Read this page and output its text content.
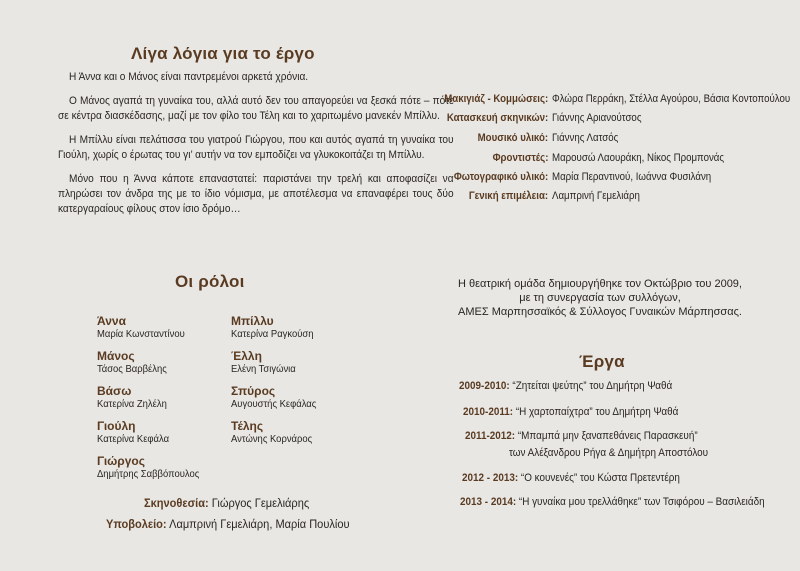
Λίγα λόγια για το έργο

Η Άννα και ο Μάνος είναι παντρεμένοι αρκετά χρόνια.

Ο Μάνος αγαπά τη γυναίκα του, αλλά αυτό δεν του απαγορεύει να ξεσκά πότε – πότε σε κέντρα διασκέδασης, μαζί με τον φίλο του Τέλη και το χαριτωμένο μανεκέν Μπίλλυ.

Η Μπίλλυ είναι πελάτισσα του γιατρού Γιώργου, που και αυτός αγαπά τη γυναίκα του Γιούλη, χωρίς ο έρωτας του γι’ αυτήν να τον εμποδίζει να γλυκοκοιτάζει τη Μπίλλυ.

Μόνο που η Άννα κάποτε επαναστατεί: παριστάνει την τρελή και αποφασίζει να πληρώσει τον άνδρα της με το ίδιο νόμισμα, με αποτέλεσμα να επαναφέρει τους δύο κατεργαραίους φίλους στον ίσιο δρόμο…

Οι ρόλοι
Άννα
Μαρία Κωνσταντίνου
Μάνος
Τάσος Βαρβέλης
Βάσω
Κατερίνα Ζηλέλη
Γιούλη
Κατερίνα Κεφάλα
Γιώργος
Δημήτρης Σαββόπουλος
Μπίλλυ
Κατερίνα Ραγκούση
Έλλη
Ελένη Τσιγώνια
Σπύρος
Αυγουστής Κεφάλας
Τέλης
Αντώνης Κορνάρος
Σκηνοθεσία: Γιώργος Γεμελιάρης
Υποβολείο: Λαμπρινή Γεμελιάρη, Μαρία Πουλίου
Μακιγιάζ - Κομμώσεις: Φλώρα Περράκη, Στέλλα Αγούρου, Βάσια Κοντοπούλου
Κατασκευή σκηνικών: Γιάννης Αριανούτσος
Μουσικό υλικό: Γιάννης Λατσός
Φροντιστές: Μαρουσώ Λαουράκη, Νίκος Προμπονάς
Φωτογραφικό υλικό: Μαρία Περαντινού, Ιωάννα Φυσιλάνη
Γενική επιμέλεια: Λαμπρινή Γεμελιάρη
Η θεατρική ομάδα δημιουργήθηκε τον Οκτώβριο του 2009,
με τη συνεργασία των συλλόγων,
ΑΜΕΣ Μαρπησσαϊκός & Σύλλογος Γυναικών Μάρπησσας.
Έργα
2009-2010: “Ζητείται ψεύτης” του Δημήτρη Ψαθά
2010-2011: “Η χαρτοπαίχτρα” του Δημήτρη Ψαθά
2011-2012: “Μπαμπά μην ξαναπεθάνεις Παρασκευή”
των Αλέξανδρου Ρήγα & Δημήτρη Αποστόλου
2012 - 2013: “Ο κουνενές” του Κώστα Πρετεντέρη
2013 - 2014: “Η γυναίκα μου τρελλάθηκε” των Τσιφόρου – Βασιλειάδη
